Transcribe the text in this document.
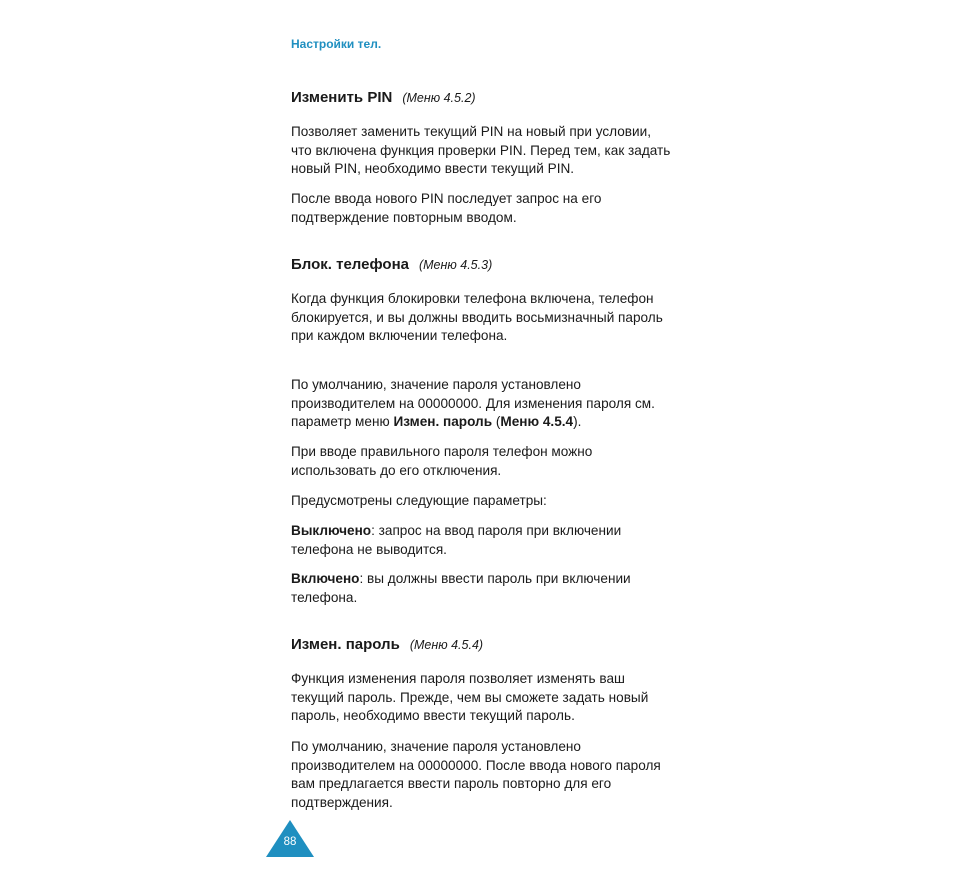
Настройки тел.
Изменить PIN (Меню 4.5.2)
Позволяет заменить текущий PIN на новый при условии, что включена функция проверки PIN. Перед тем, как задать новый PIN, необходимо ввести текущий PIN.
После ввода нового PIN последует запрос на его подтверждение повторным вводом.
Блок. телефона (Меню 4.5.3)
Когда функция блокировки телефона включена, телефон блокируется, и вы должны вводить восьмизначный пароль при каждом включении телефона.
По умолчанию, значение пароля установлено производителем на 00000000. Для изменения пароля см. параметр меню Измен. пароль (Меню 4.5.4).
При вводе правильного пароля телефон можно использовать до его отключения.
Предусмотрены следующие параметры:
Выключено: запрос на ввод пароля при включении телефона не выводится.
Включено: вы должны ввести пароль при включении телефона.
Измен. пароль (Меню 4.5.4)
Функция изменения пароля позволяет изменять ваш текущий пароль. Прежде, чем вы сможете задать новый пароль, необходимо ввести текущий пароль.
По умолчанию, значение пароля установлено производителем на 00000000. После ввода нового пароля вам предлагается ввести пароль повторно для его подтверждения.
88
